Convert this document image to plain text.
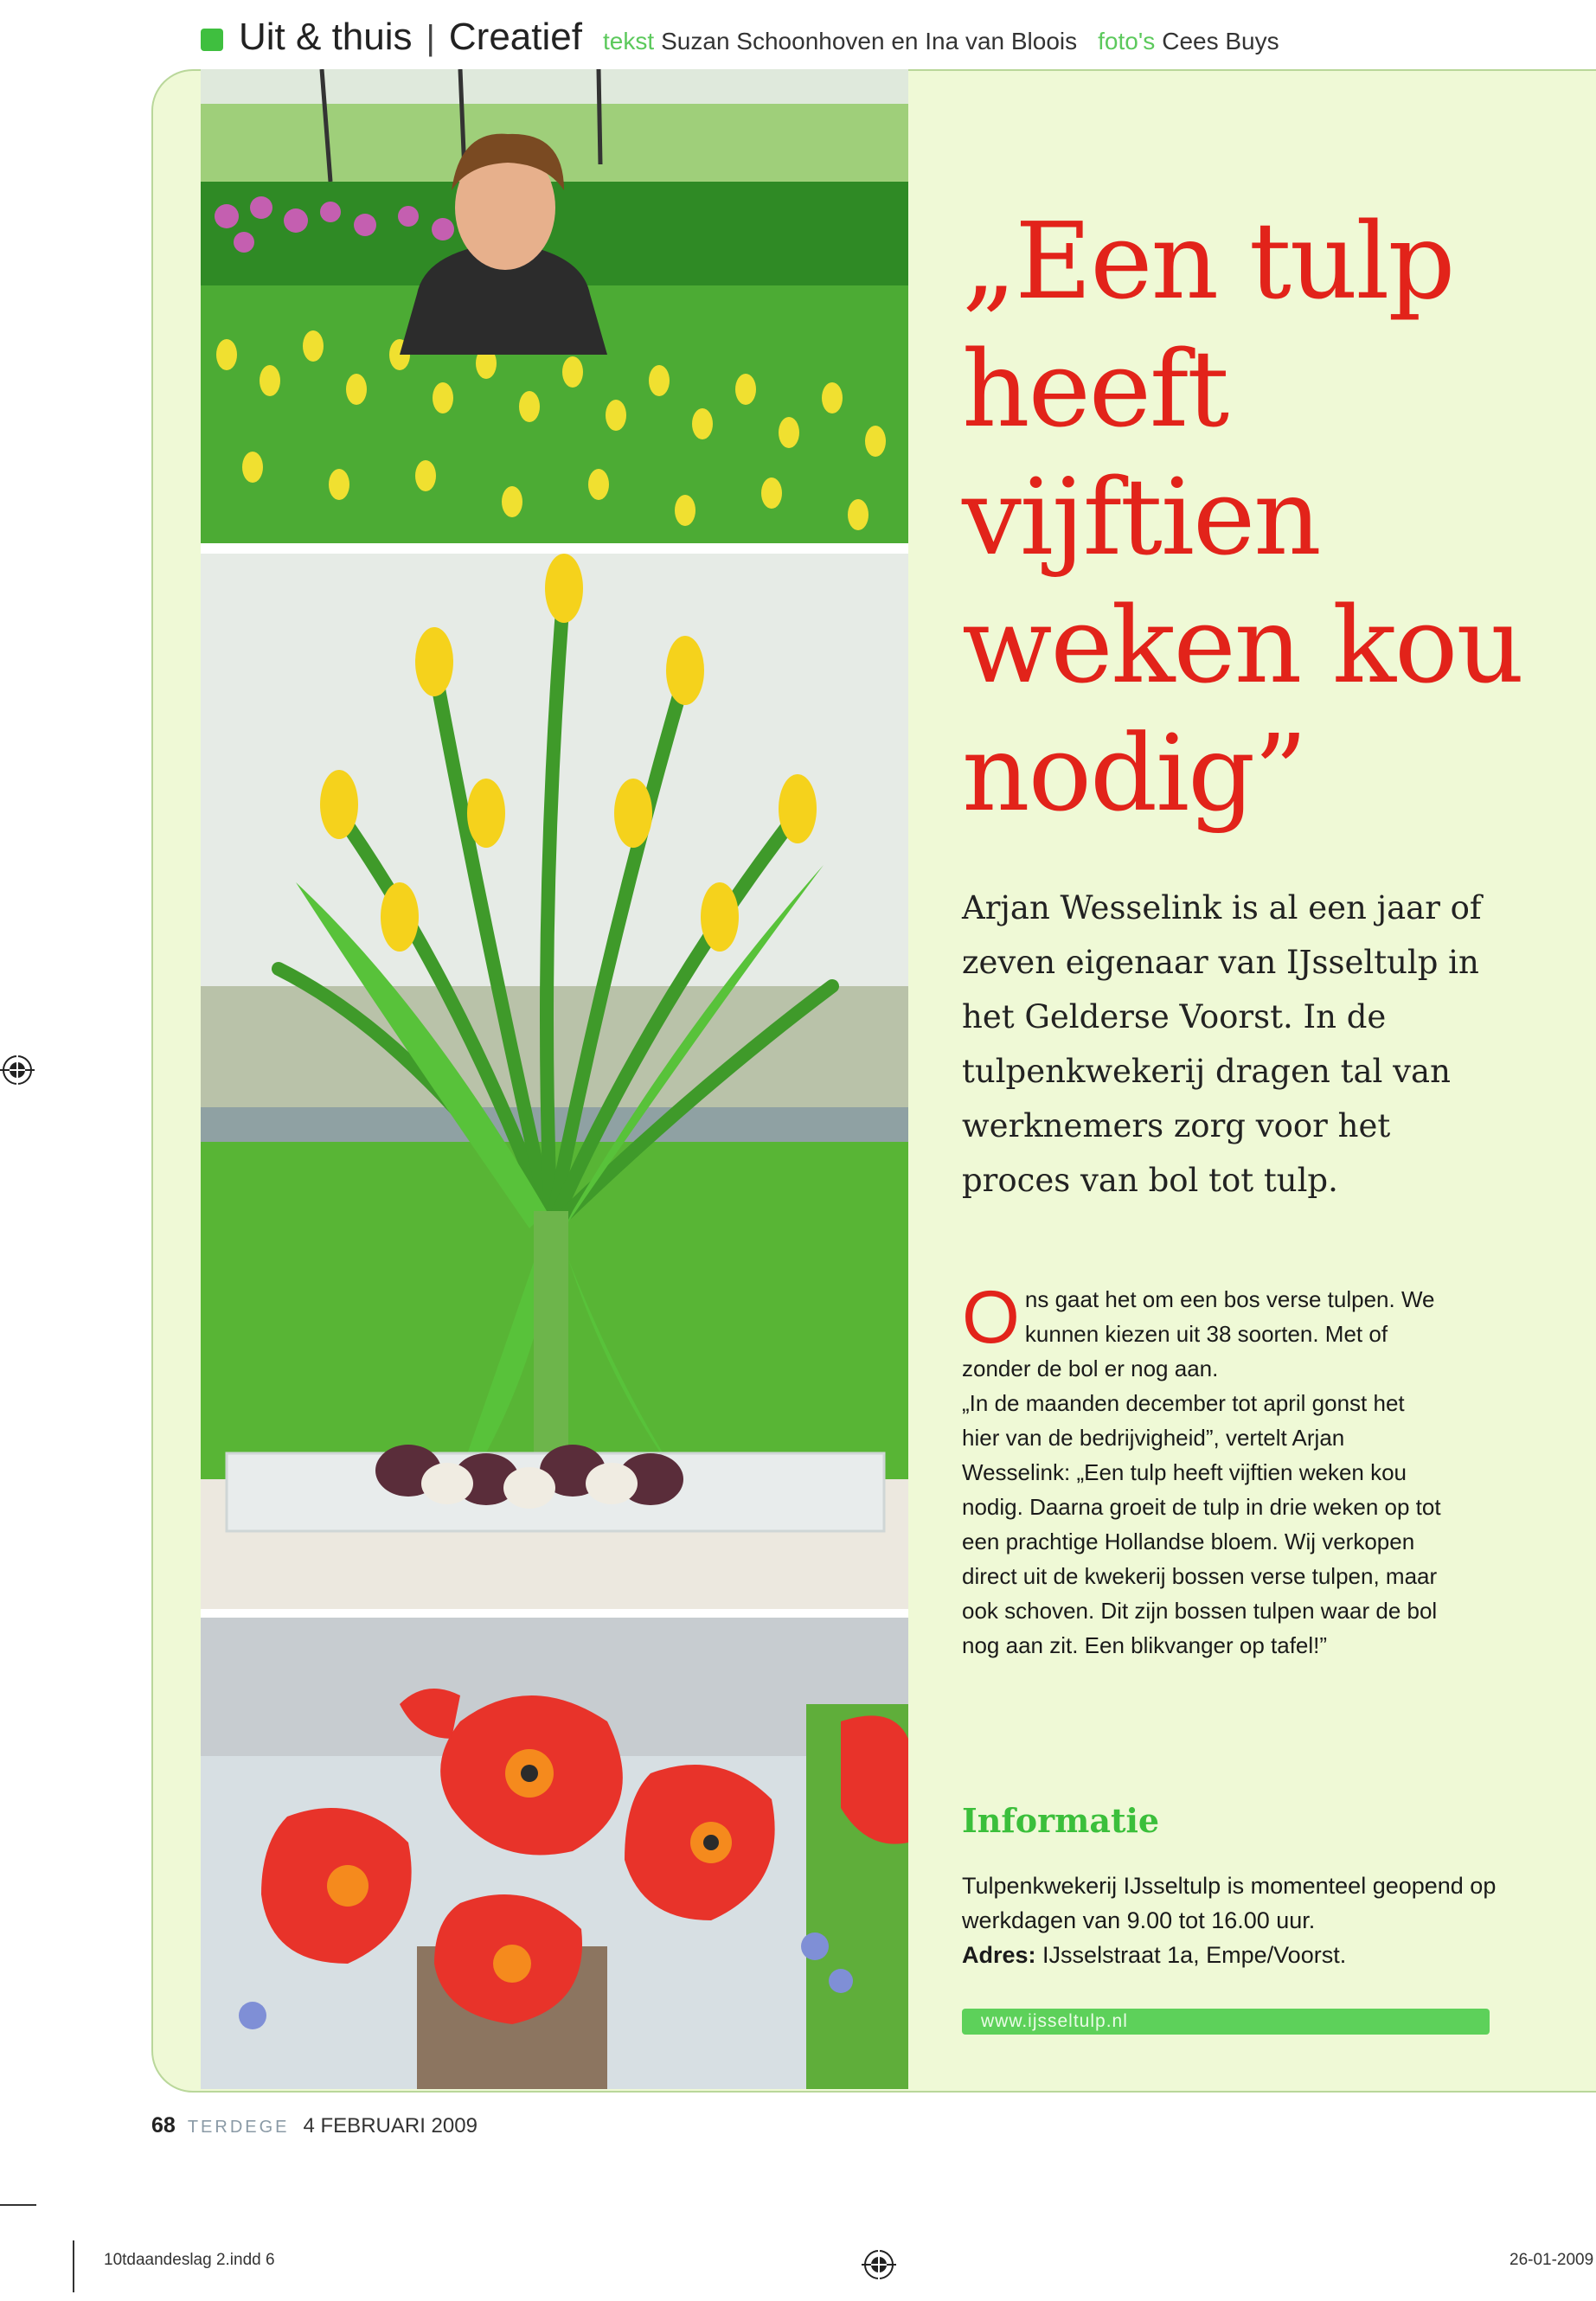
Uit & thuis | Creatief tekst Suzan Schoonhoven en Ina van Bloois foto's Cees Buys
„Een tulp heeft vijftien weken kou nodig”
Arjan Wesselink is al een jaar of zeven eigenaar van IJsseltulp in het Gelderse Voorst. In de tulpenkwekerij dragen tal van werknemers zorg voor het proces van bol tot tulp.
O ns gaat het om een bos verse tulpen. We kunnen kiezen uit 38 soorten. Met of zonder de bol er nog aan.

„In de maanden december tot april gonst het hier van de bedrijvigheid”, vertelt Arjan Wesselink: „Een tulp heeft vijftien weken kou nodig. Daarna groeit de tulp in drie weken op tot een prachtige Hollandse bloem. Wij verkopen direct uit de kwekerij bossen verse tulpen, maar ook schoven. Dit zijn bossen tulpen waar de bol nog aan zit. Een blikvanger op tafel!”

Informatie
Tulpenkwekerij IJsseltulp is momenteel geopend op werkdagen van 9.00 tot 16.00 uur.
Adres: IJsselstraat 1a, Empe/Voorst.
www.ijsseltulp.nl
68 TERDEGE 4 FEBRUARI 2009
10tdaandeslag 2.indd 6	26-01-2009
